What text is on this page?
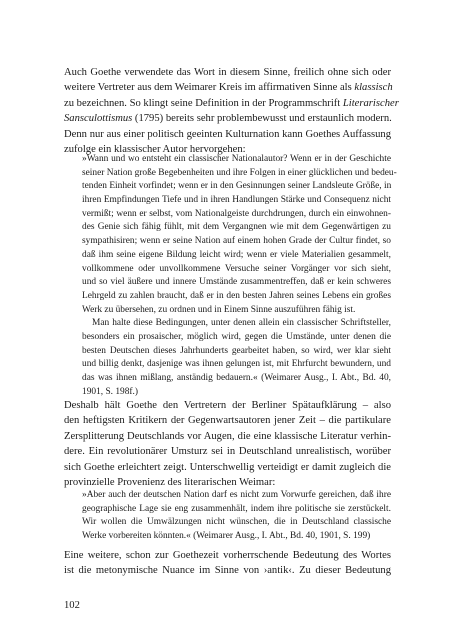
Auch Goethe verwendete das Wort in diesem Sinne, freilich ohne sich oder
weitere Vertreter aus dem Weimarer Kreis im affirmativen Sinne als klassisch
zu bezeichnen. So klingt seine Definition in der Programmschrift Literarischer
Sansculottismus (1795) bereits sehr problembewusst und erstaunlich modern.
Denn nur aus einer politisch geeinten Kulturnation kann Goethes Auffassung
zufolge ein klassischer Autor hervorgehen:
»Wann und wo entsteht ein classischer Nationalautor? Wenn er in der Geschichte
seiner Nation große Begebenheiten und ihre Folgen in einer glücklichen und bedeu-
tenden Einheit vorfindet; wenn er in den Gesinnungen seiner Landsleute Größe, in
ihren Empfindungen Tiefe und in ihren Handlungen Stärke und Consequenz nicht
vermißt; wenn er selbst, vom Nationalgeiste durchdrungen, durch ein einwohnen-
des Genie sich fähig fühlt, mit dem Vergangnen wie mit dem Gegenwärtigen zu
sympathisiren; wenn er seine Nation auf einem hohen Grade der Cultur findet, so
daß ihm seine eigene Bildung leicht wird; wenn er viele Materialien gesammelt,
vollkommene oder unvollkommene Versuche seiner Vorgänger vor sich sieht,
und so viel äußere und innere Umstände zusammentreffen, daß er kein schweres
Lehrgeld zu zahlen braucht, daß er in den besten Jahren seines Lebens ein großes
Werk zu übersehen, zu ordnen und in Einem Sinne auszuführen fähig ist.
Man halte diese Bedingungen, unter denen allein ein classischer Schriftsteller,
besonders ein prosaischer, möglich wird, gegen die Umstände, unter denen die
besten Deutschen dieses Jahrhunderts gearbeitet haben, so wird, wer klar sieht
und billig denkt, dasjenige was ihnen gelungen ist, mit Ehrfurcht bewundern, und
das was ihnen mißlang, anständig bedauern.« (Weimarer Ausg., I. Abt., Bd. 40,
1901, S. 198f.)
Deshalb hält Goethe den Vertretern der Berliner Spätaufklärung – also
den heftigsten Kritikern der Gegenwartsautoren jener Zeit – die partikulare
Zersplitterung Deutschlands vor Augen, die eine klassische Literatur verhin-
dere. Ein revolutionärer Umsturz sei in Deutschland unrealistisch, worüber
sich Goethe erleichtert zeigt. Unterschwellig verteidigt er damit zugleich die
provinzielle Provenienz des literarischen Weimar:
»Aber auch der deutschen Nation darf es nicht zum Vorwurfe gereichen, daß ihre
geographische Lage sie eng zusammenhält, indem ihre politische sie zerstückelt.
Wir wollen die Umwälzungen nicht wünschen, die in Deutschland classische
Werke vorbereiten könnten.« (Weimarer Ausg., I. Abt., Bd. 40, 1901, S. 199)
Eine weitere, schon zur Goethezeit vorherrschende Bedeutung des Wortes
ist die metonymische Nuance im Sinne von ›antik‹. Zu dieser Bedeutung
102
